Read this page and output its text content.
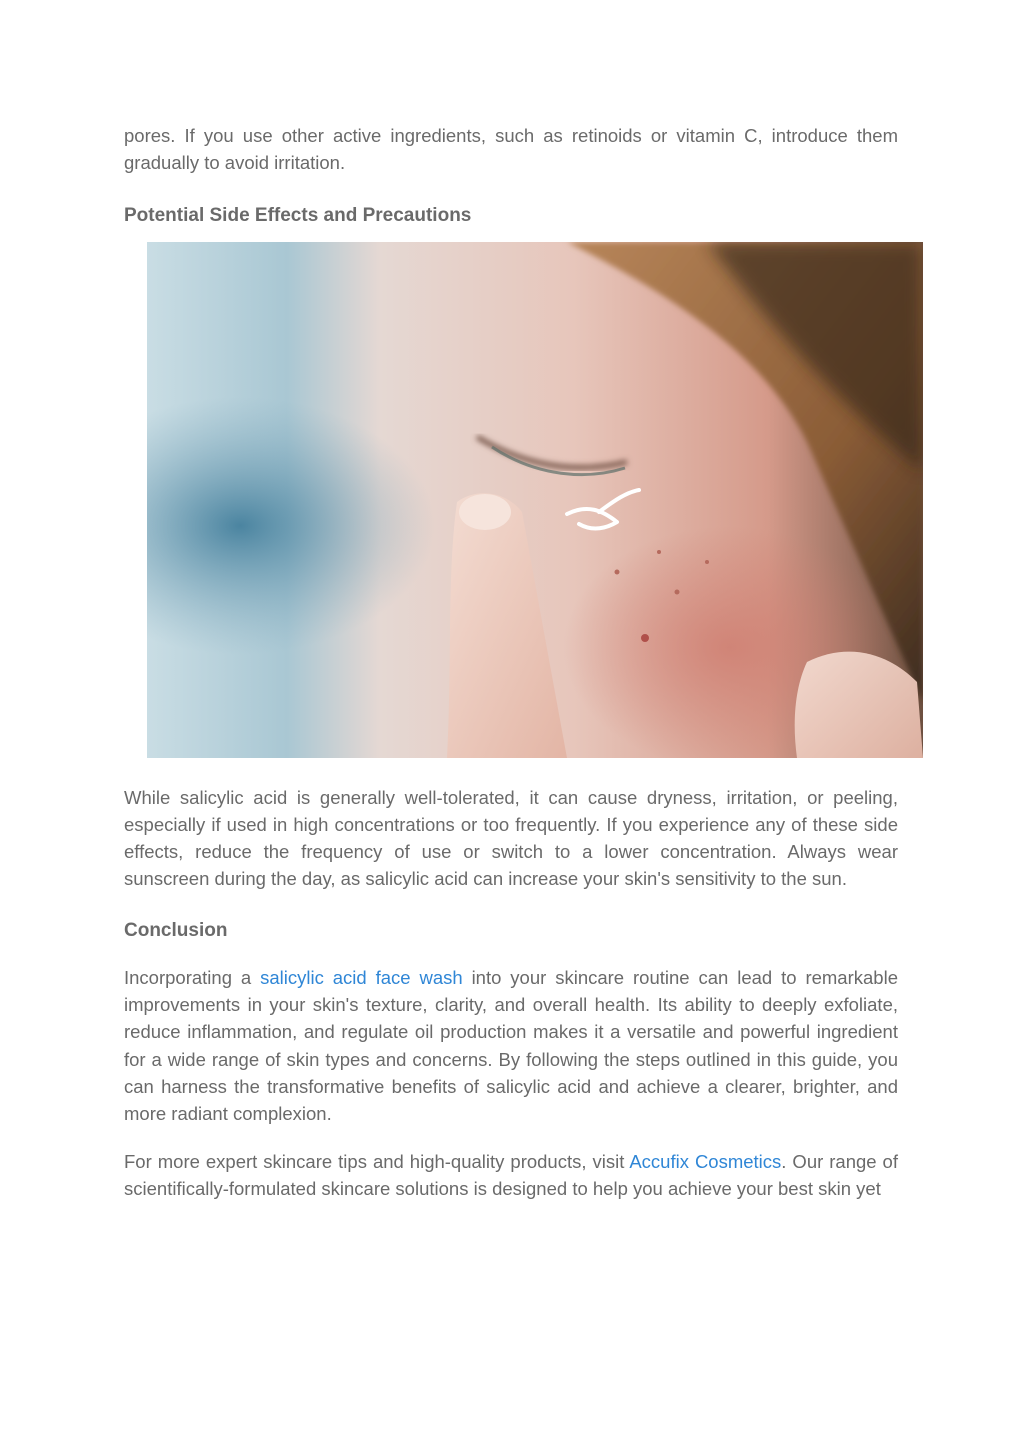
pores. If you use other active ingredients, such as retinoids or vitamin C, introduce them gradually to avoid irritation.

Potential Side Effects and Precautions

While salicylic acid is generally well-tolerated, it can cause dryness, irritation, or peeling, especially if used in high concentrations or too frequently. If you experience any of these side effects, reduce the frequency of use or switch to a lower concentration. Always wear sunscreen during the day, as salicylic acid can increase your skin's sensitivity to the sun.

Conclusion

Incorporating a salicylic acid face wash into your skincare routine can lead to remarkable improvements in your skin's texture, clarity, and overall health. Its ability to deeply exfoliate, reduce inflammation, and regulate oil production makes it a versatile and powerful ingredient for a wide range of skin types and concerns. By following the steps outlined in this guide, you can harness the transformative benefits of salicylic acid and achieve a clearer, brighter, and more radiant complexion.

For more expert skincare tips and high-quality products, visit Accufix Cosmetics. Our range of scientifically-formulated skincare solutions is designed to help you achieve your best skin yet
